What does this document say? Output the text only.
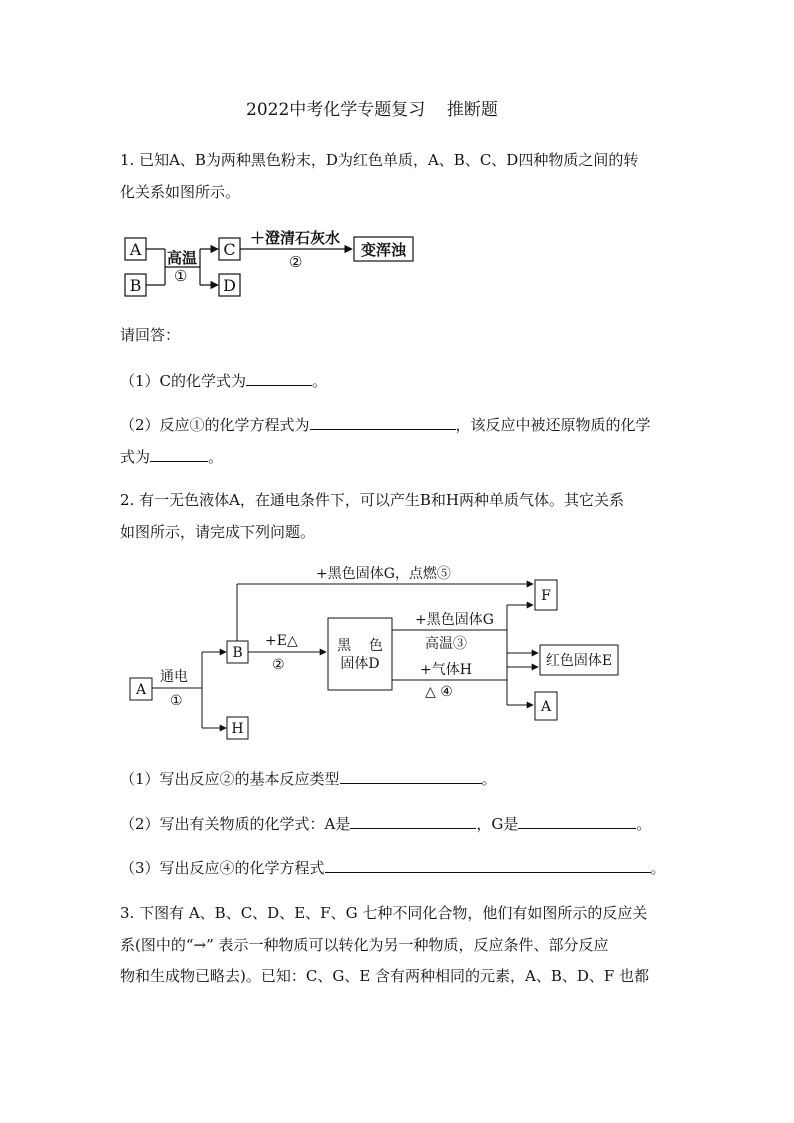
2022中考化学专题复习    推断题
1. 已知A、B为两种黑色粉末，D为红色单质，A、B、C、D四种物质之间的转
化关系如图所示。
A
B
高温
①
C
D
＋澄清石灰水
②
变浑浊
A
通电
①
B
H
+黑色固体G，点燃⑤
+E△
②
黑    色
固体D
+黑色固体G
高温③
+气体H
△ ④
F
红色固体E
A
请回答：
（1）C的化学式为	。
（2）反应①的化学方程式为	，该反应中被还原物质的化学
式为	。
2. 有一无色液体A，在通电条件下，可以产生B和H两种单质气体。其它关系
如图所示，请完成下列问题。
（1）写出反应②的基本反应类型	。
（2）写出有关物质的化学式：A是	，G是	。
（3）写出反应④的化学方程式	。
3. 下图有 A、B、C、D、E、F、G 七种不同化合物，他们有如图所示的反应关
系(图中的“→” 表示一种物质可以转化为另一种物质，反应条件、部分反应
物和生成物已略去)。已知：C、G、E 含有两种相同的元素，A、B、D、F 也都
